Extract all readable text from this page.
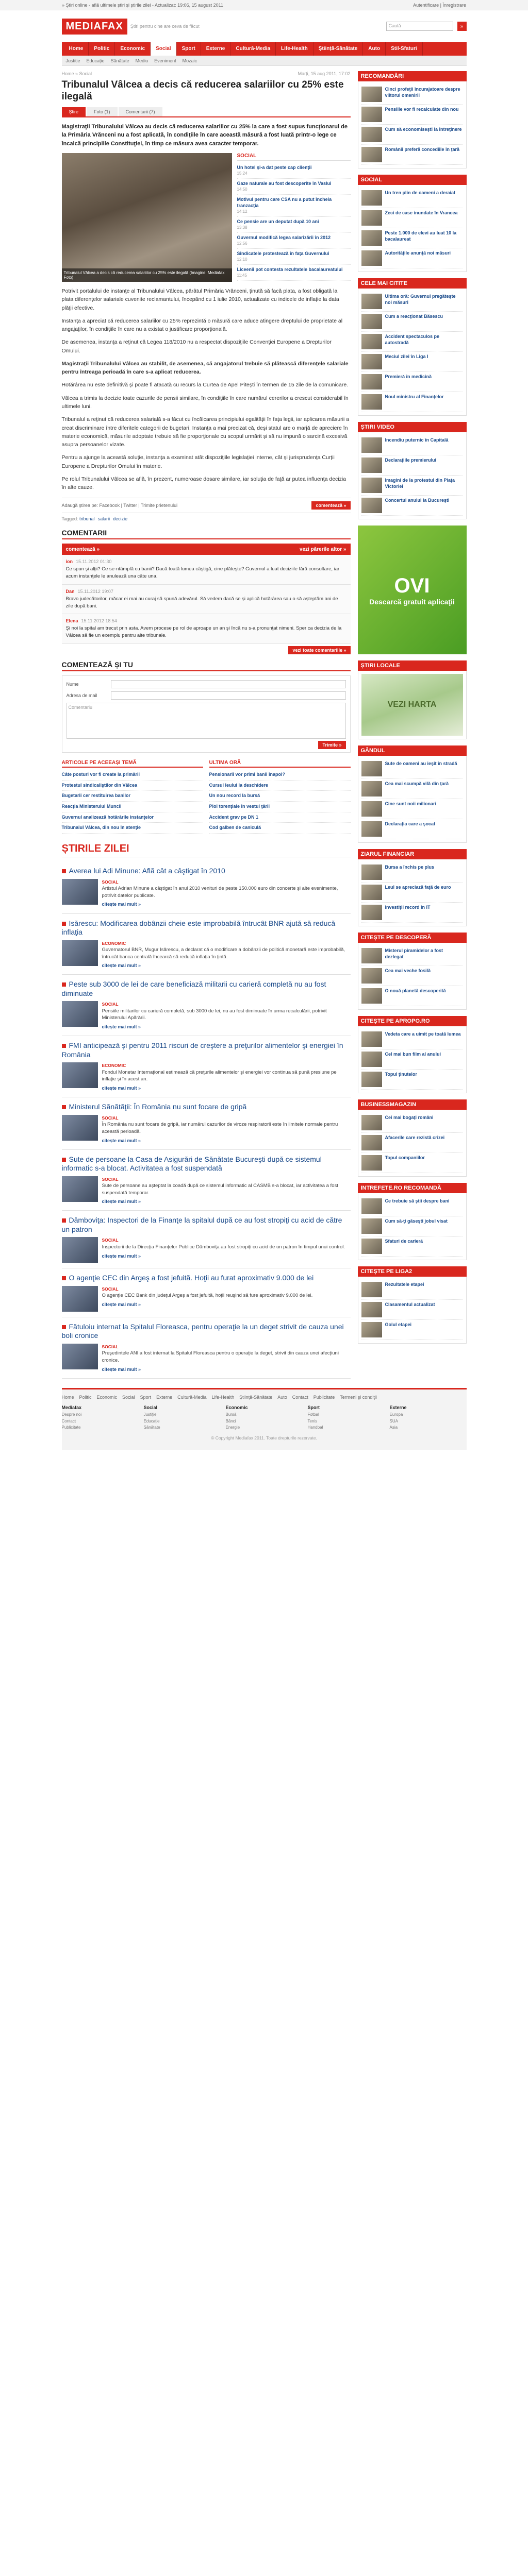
» Știri online - află ultimele știri și știrile zilei - Actualizat: 19:06, 15 august 2011	Autentificare | Înregistrare
MEDIAFAX	Știri pentru cine are ceva de făcut	Caută	»
Home	Politic	Economic	Social	Sport	Externe	Cultură-Media	Life-Health	Știință-Sănătate	Auto	Stil-Sfaturi
Justiție Educație Sănătate Mediu Eveniment Mozaic
Home » Social	Marți, 15 aug 2011, 17:02
Tribunalul Vâlcea a decis că reducerea salariilor cu 25% este ilegală
Știre	Foto (1)	Comentarii (7)
Magistraţii Tribunalului Vâlcea au decis că reducerea salariilor cu 25% la care a fost supus funcţionarul de la Primăria Vrănceni nu a fost aplicată, în condiţiile în care această măsură a fost luată printr-o lege ce încalcă principiile Constituţiei, în timp ce măsura avea caracter temporar.
Tribunalul Vâlcea a decis că reducerea salariilor cu 25% este ilegală (Imagine: Mediafax Foto)
SOCIAL
Un hotel şi-a dat peste cap clienţii
15:24
Gaze naturale au fost descoperite în Vaslui
14:50
Motivul pentru care CSA nu a putut încheia tranzacţia
14:12
Ce pensie are un deputat după 10 ani
13:38
Guvernul modifică legea salarizării în 2012
12:56
Sindicatele protestează în faţa Guvernului
12:10
Liceenii pot contesta rezultatele bacalaureatului
11:45

Potrivit portalului de instanţe al Tribunalului Vâlcea, pârâtul Primăria Vrănceni, ţinută să facă plata, a fost obligată la plata diferenţelor salariale cuvenite reclamantului, începând cu 1 iulie 2010, actualizate cu indicele de inflaţie la data plăţii efective.

Instanţa a apreciat că reducerea salariilor cu 25% reprezintă o măsură care aduce atingere dreptului de proprietate al angajaţilor, în condiţiile în care nu a existat o justificare proporţională.

De asemenea, instanţa a reţinut că Legea 118/2010 nu a respectat dispoziţiile Convenţiei Europene a Drepturilor Omului.

Magistraţii Tribunalului Vâlcea au stabilit, de asemenea, că angajatorul trebuie să plătească diferenţele salariale pentru întreaga perioadă în care s-a aplicat reducerea.

Hotărârea nu este definitivă şi poate fi atacată cu recurs la Curtea de Apel Piteşti în termen de 15 zile de la comunicare.

Vâlcea a trimis la decizie toate cazurile de pensii similare, în condiţiile în care numărul cererilor a crescut considerabil în ultimele luni.

Tribunalul a reţinut că reducerea salarială s-a făcut cu încălcarea principiului egalităţii în faţa legii, iar aplicarea măsurii a creat discriminare între diferitele categorii de bugetari. Instanţa a mai precizat că, deşi statul are o marjă de apreciere în materie economică, măsurile adoptate trebuie să fie proporţionale cu scopul urmărit şi să nu impună o sarcină excesivă asupra persoanelor vizate.

Pentru a ajunge la această soluţie, instanţa a examinat atât dispoziţiile legislaţiei interne, cât şi jurisprudenţa Curţii Europene a Drepturilor Omului în materie.

Pe rolul Tribunalului Vâlcea se află, în prezent, numeroase dosare similare, iar soluţia de faţă ar putea influenţa decizia în alte cauze.

Adaugă ştirea pe: Facebook | Twitter | Trimite prietenului	comentează »
Tagged: tribunal salarii decizie
COMENTARII
comentează »	vezi părerile altor »
ion 15.11.2012 01:30
Ce spun şi alţii? Ce se-ntâmplă cu banii? Dacă toată lumea câştigă, cine plăteşte? Guvernul a luat deciziile fără consultare, iar acum instanţele le anulează una câte una.
Dan 15.11.2012 19:07
Bravo judecătorilor, măcar ei mai au curaj să spună adevărul. Să vedem dacă se şi aplică hotărârea sau o să aşteptăm ani de zile după bani.
Elena 15.11.2012 18:54
Şi noi la spital am trecut prin asta. Avem procese pe rol de aproape un an şi încă nu s-a pronunţat nimeni. Sper ca decizia de la Vâlcea să fie un exemplu pentru alte tribunale.
vezi toate comentariile »
COMENTEAZĂ ȘI TU
Nume
Adresa de mail
Comentariu
Trimite »
ARTICOLE PE ACEEAȘI TEMĂ
Câte posturi vor fi create la primării
Protestul sindicaliştilor din Vâlcea
Bugetarii cer restituirea banilor
Reacţia Ministerului Muncii
Guvernul analizează hotărârile instanţelor
Tribunalul Vâlcea, din nou în atenţie
ULTIMA ORĂ
Pensionarii vor primi banii înapoi?
Cursul leului la deschidere
Un nou record la bursă
Ploi torenţiale în vestul ţării
Accident grav pe DN 1
Cod galben de caniculă
ȘTIRILE ZILEI
Averea lui Adi Minune: Află cât a câştigat în 2010
SOCIAL
Artistul Adrian Minune a câştigat în anul 2010 venituri de peste 150.000 euro din concerte şi alte evenimente, potrivit datelor publicate.
citește mai mult »
Isărescu: Modificarea dobânzii cheie este improbabilă întrucât BNR ajută să reducă inflaţia
ECONOMIC
Guvernatorul BNR, Mugur Isărescu, a declarat că o modificare a dobânzii de politică monetară este improbabilă, întrucât banca centrală încearcă să reducă inflaţia în ţintă.
citește mai mult »
Peste sub 3000 de lei de care beneficiază militarii cu carieră completă nu au fost diminuate
SOCIAL
Pensiile militarilor cu carieră completă, sub 3000 de lei, nu au fost diminuate în urma recalculării, potrivit Ministerului Apărării.
citește mai mult »
FMI anticipează şi pentru 2011 riscuri de creştere a preţurilor alimentelor şi energiei în România
ECONOMIC
Fondul Monetar Internaţional estimează că preţurile alimentelor şi energiei vor continua să pună presiune pe inflaţie şi în acest an.
citește mai mult »
Ministerul Sănătăţii: În România nu sunt focare de gripă
SOCIAL
În România nu sunt focare de gripă, iar numărul cazurilor de viroze respiratorii este în limitele normale pentru această perioadă.
citește mai mult »
Sute de persoane la Casa de Asigurări de Sănătate Bucureşti după ce sistemul informatic s-a blocat. Activitatea a fost suspendată
SOCIAL
Sute de persoane au aşteptat la coadă după ce sistemul informatic al CASMB s-a blocat, iar activitatea a fost suspendată temporar.
citește mai mult »
Dâmboviţa: Inspectori de la Finanţe la spitalul după ce au fost stropiţi cu acid de către un patron
SOCIAL
Inspectorii de la Direcţia Finanţelor Publice Dâmboviţa au fost stropiţi cu acid de un patron în timpul unui control.
citește mai mult »
O agenţie CEC din Argeş a fost jefuită. Hoţii au furat aproximativ 9.000 de lei
SOCIAL
O agenţie CEC Bank din judeţul Argeş a fost jefuită, hoţii reuşind să fure aproximativ 9.000 de lei.
citește mai mult »
Fătuloiu internat la Spitalul Floreasca, pentru operaţie la un deget strivit de cauza unei boli cronice
SOCIAL
Preşedintele ANI a fost internat la Spitalul Floreasca pentru o operaţie la deget, strivit din cauza unei afecţiuni cronice.
citește mai mult »
RECOMANDĂRI
Cinci profeţii încurajatoare despre viitorul omenirii
Pensiile vor fi recalculate din nou
Cum să economiseşti la întreţinere
Românii preferă concediile în ţară
SOCIAL
Un tren plin de oameni a deraiat
Zeci de case inundate în Vrancea
Peste 1.000 de elevi au luat 10 la bacalaureat
Autorităţile anunţă noi măsuri
CELE MAI CITITE
Ultima oră: Guvernul pregăteşte noi măsuri
Cum a reacţionat Băsescu
Accident spectaculos pe autostradă
Meciul zilei în Liga I
Premieră în medicină
Noul ministru al Finanţelor
ȘTIRI VIDEO
Incendiu puternic în Capitală
Declaraţiile premierului
Imagini de la protestul din Piaţa Victoriei
Concertul anului la Bucureşti
OVI
Descarcă gratuit aplicaţii
ȘTIRI LOCALE
VEZI HARTA
GÂNDUL
Sute de oameni au ieşit în stradă
Cea mai scumpă vilă din ţară
Cine sunt noii milionari
Declaraţia care a şocat
ZIARUL FINANCIAR
Bursa a închis pe plus
Leul se apreciază faţă de euro
Investiţii record în IT
CITEȘTE PE DESCOPERĂ
Misterul piramidelor a fost dezlegat
Cea mai veche fosilă
O nouă planetă descoperită
CITEȘTE PE APROPO.RO
Vedeta care a uimit pe toată lumea
Cel mai bun film al anului
Topul ţinutelor
BUSINESSMAGAZIN
Cei mai bogaţi români
Afacerile care rezistă crizei
Topul companiilor
INTREFETE.RO RECOMANDĂ
Ce trebuie să ştii despre bani
Cum să-ţi găseşti jobul visat
Sfaturi de carieră
CITEȘTE PE LIGA2
Rezultatele etapei
Clasamentul actualizat
Golul etapei
Home Politic Economic Social Sport Externe Cultură-Media Life-Health Știință-Sănătate Auto Contact Publicitate Termeni şi condiţii
Mediafax
Despre noi
Contact
Publicitate
Social
Justiţie
Educaţie
Sănătate
Economic
Bursă
Bănci
Energie
Sport
Fotbal
Tenis
Handbal
Externe
Europa
SUA
Asia
© Copyright Mediafax 2011. Toate drepturile rezervate.
